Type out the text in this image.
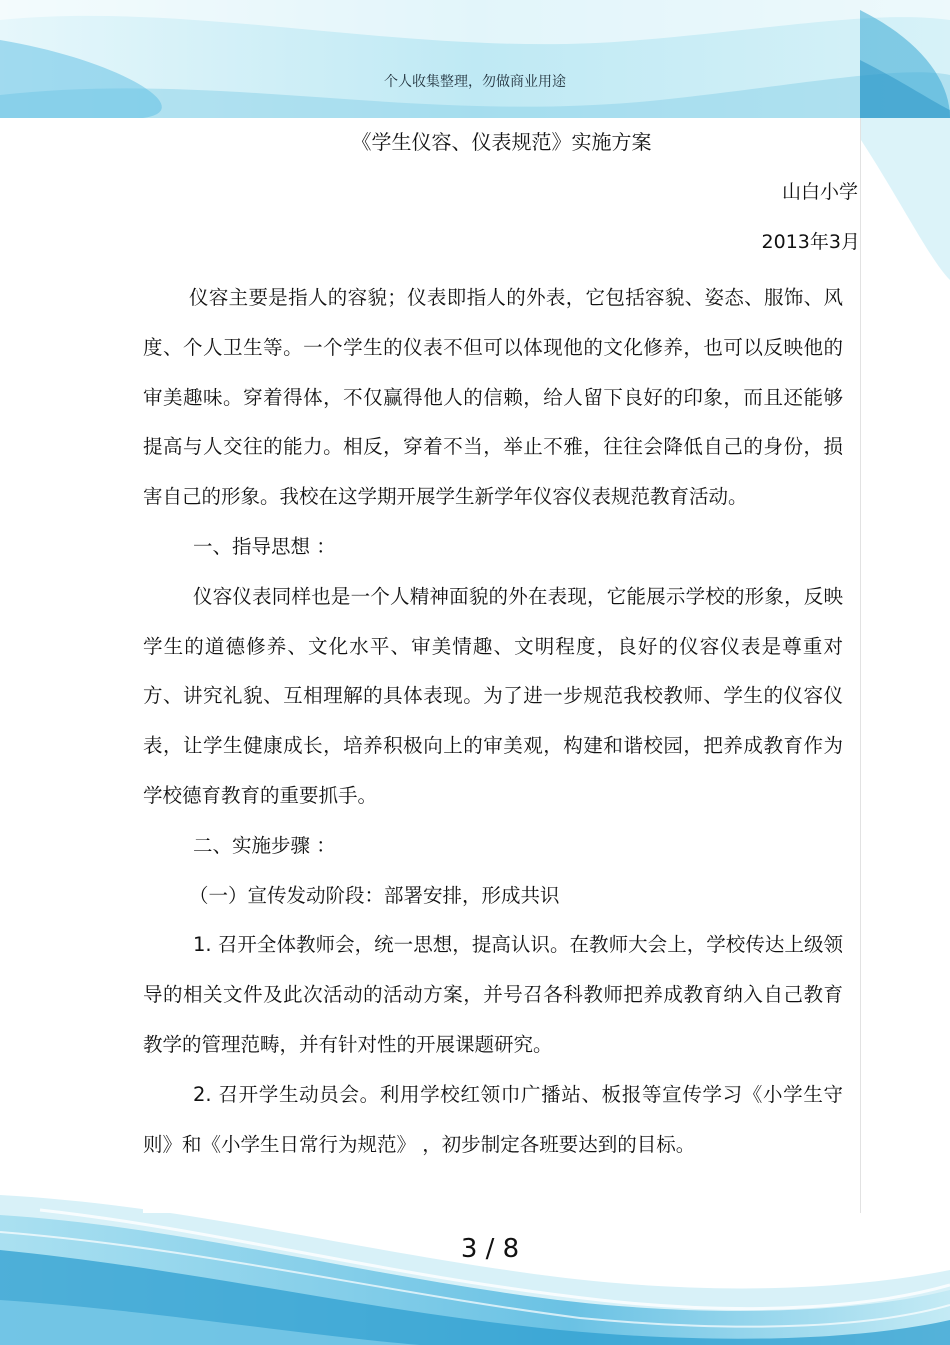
个人收集整理，勿做商业用途
《学生仪容、仪表规范》实施方案
山白小学
2013年3月

仪容主要是指人的容貌；仪表即指人的外表，它包括容貌、姿态、服饰、风度、个人卫生等。一个学生的仪表不但可以体现他的文化修养，也可以反映他的审美趣味。穿着得体，不仅赢得他人的信赖，给人留下良好的印象，而且还能够提高与人交往的能力。相反，穿着不当，举止不雅，往往会降低自己的身份，损害自己的形象。我校在这学期开展学生新学年仪容仪表规范教育活动。

一、指导思想 ：

仪容仪表同样也是一个人精神面貌的外在表现，它能展示学校的形象，反映学生的道德修养、文化水平、审美情趣、文明程度，良好的仪容仪表是尊重对方、讲究礼貌、互相理解的具体表现。为了进一步规范我校教师、学生的仪容仪表，让学生健康成长，培养积极向上的审美观，构建和谐校园，把养成教育作为学校德育教育的重要抓手。

二、实施步骤 ：

（一）宣传发动阶段：部署安排，形成共识

1. 召开全体教师会，统一思想，提高认识。在教师大会上，学校传达上级领导的相关文件及此次活动的活动方案，并号召各科教师把养成教育纳入自己教育教学的管理范畴，并有针对性的开展课题研究。

2. 召开学生动员会。利用学校红领巾广播站、板报等宣传学习《小学生守则》和《小学生日常行为规范》 ，初步制定各班要达到的目标。

3 / 8
